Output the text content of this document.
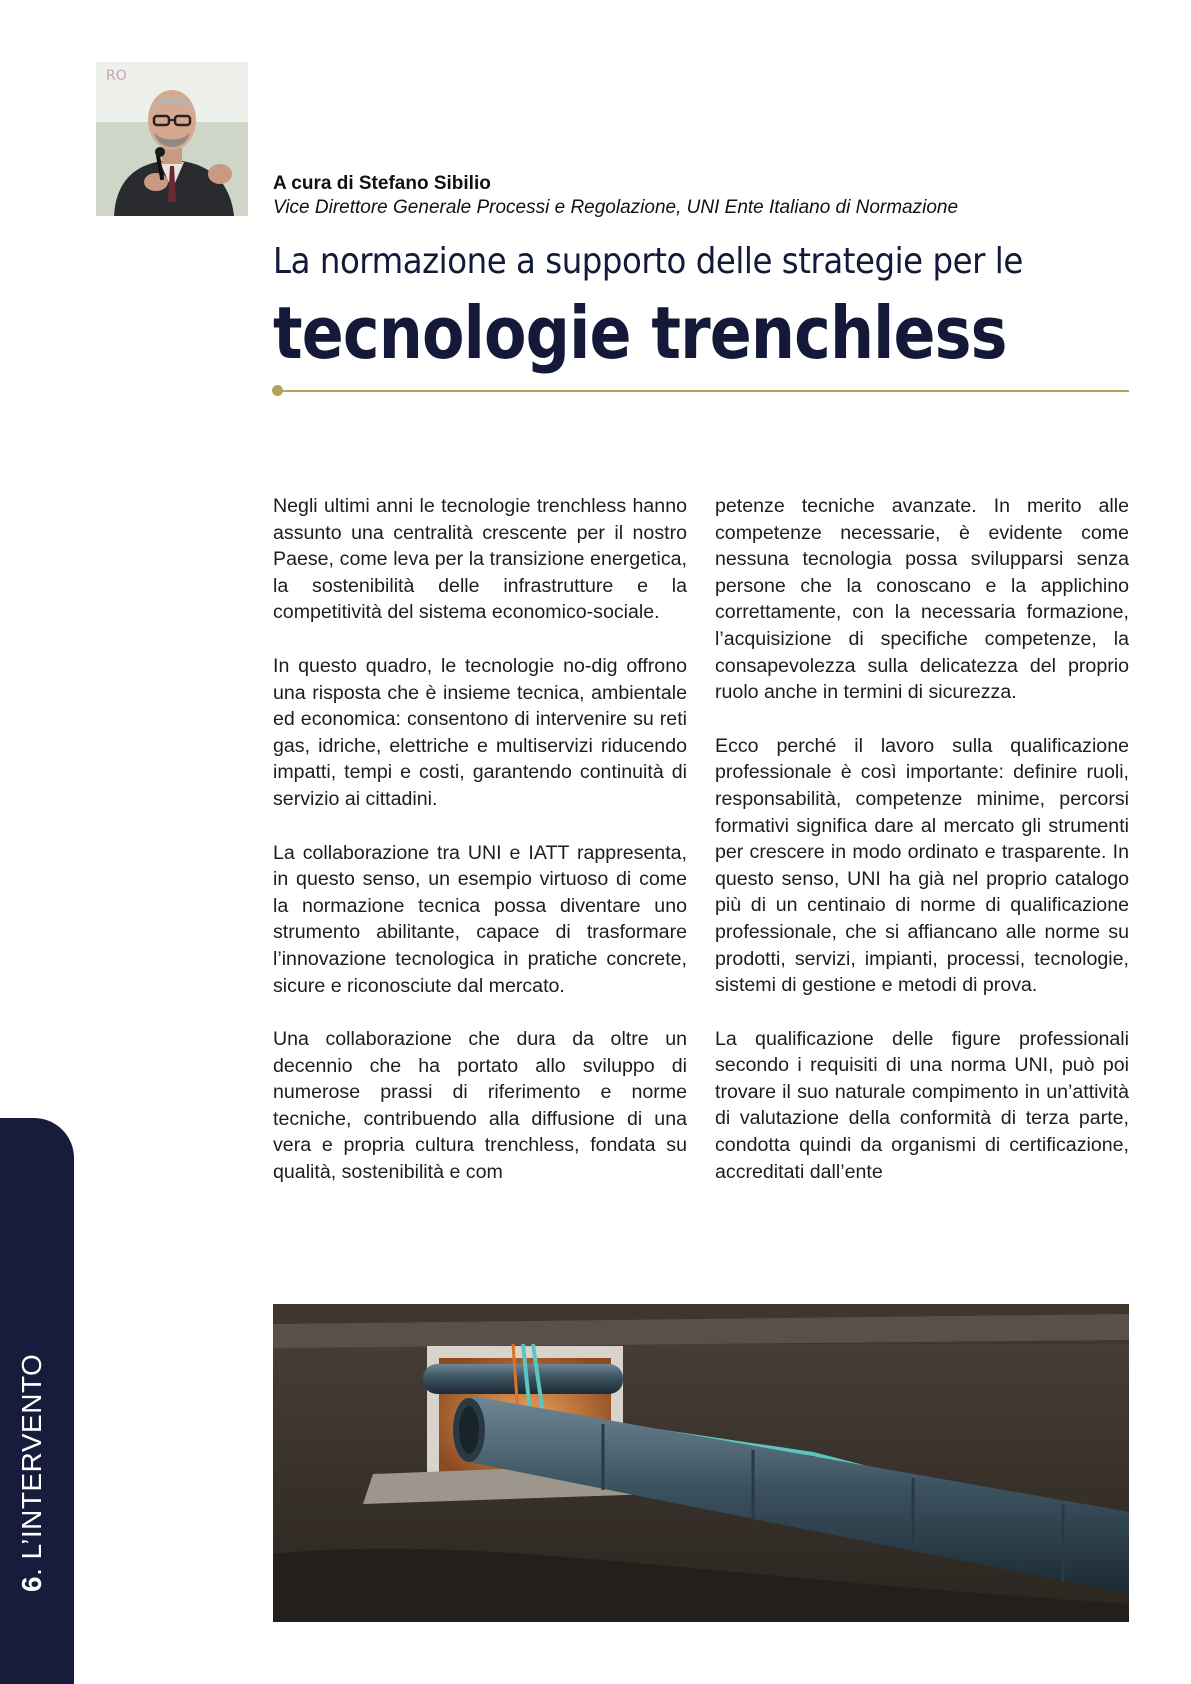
RO

A cura di Stefano Sibilio

Vice Direttore Generale Processi e Regolazione, UNI Ente Italiano di Normazione

La normazione a supporto delle strategie per le
tecnologie trenchless

Negli ultimi anni le tecnologie trenchless hanno assunto una centralità crescente per il nostro Paese, come leva per la transizione energetica, la sostenibilità delle infrastrutture e la competitività del sistema economico-sociale.

In questo quadro, le tecnologie no-dig offrono una risposta che è insieme tecnica, ambientale ed economica: consentono di intervenire su reti gas, idriche, elettriche e multiservizi riducendo impatti, tempi e costi, garantendo continuità di servizio ai cittadini.

La collaborazione tra UNI e IATT rappresenta, in questo senso, un esempio virtuoso di come la normazione tecnica possa diventare uno strumento abilitante, capace di trasformare l’innovazione tecnologica in pratiche concrete, sicure e riconosciute dal mercato.

Una collaborazione che dura da oltre un decennio che ha portato allo sviluppo di numerose prassi di riferimento e norme tecniche, contribuendo alla diffusione di una vera e propria cultura trenchless, fondata su qualità, sostenibilità e com

petenze tecniche avanzate. In merito alle competenze necessarie, è evidente come nessuna tecnologia possa svilupparsi senza persone che la conoscano e la applichino correttamente, con la necessaria formazione, l’acquisizione di specifiche competenze, la consapevolezza sulla delicatezza del proprio ruolo anche in termini di sicurezza.

Ecco perché il lavoro sulla qualificazione professionale è così importante: definire ruoli, responsabilità, competenze minime, percorsi formativi significa dare al mercato gli strumenti per crescere in modo ordinato e trasparente. In questo senso, UNI ha già nel proprio catalogo più di un centinaio di norme di qualificazione professionale, che si affiancano alle norme su prodotti, servizi, impianti, processi, tecnologie, sistemi di gestione e metodi di prova.

La qualificazione delle figure professionali secondo i requisiti di una norma UNI, può poi trovare il suo naturale compimento in un’attività di valutazione della conformità di terza parte, condotta quindi da organismi di certificazione, accreditati dall’ente

6. L’INTERVENTO
